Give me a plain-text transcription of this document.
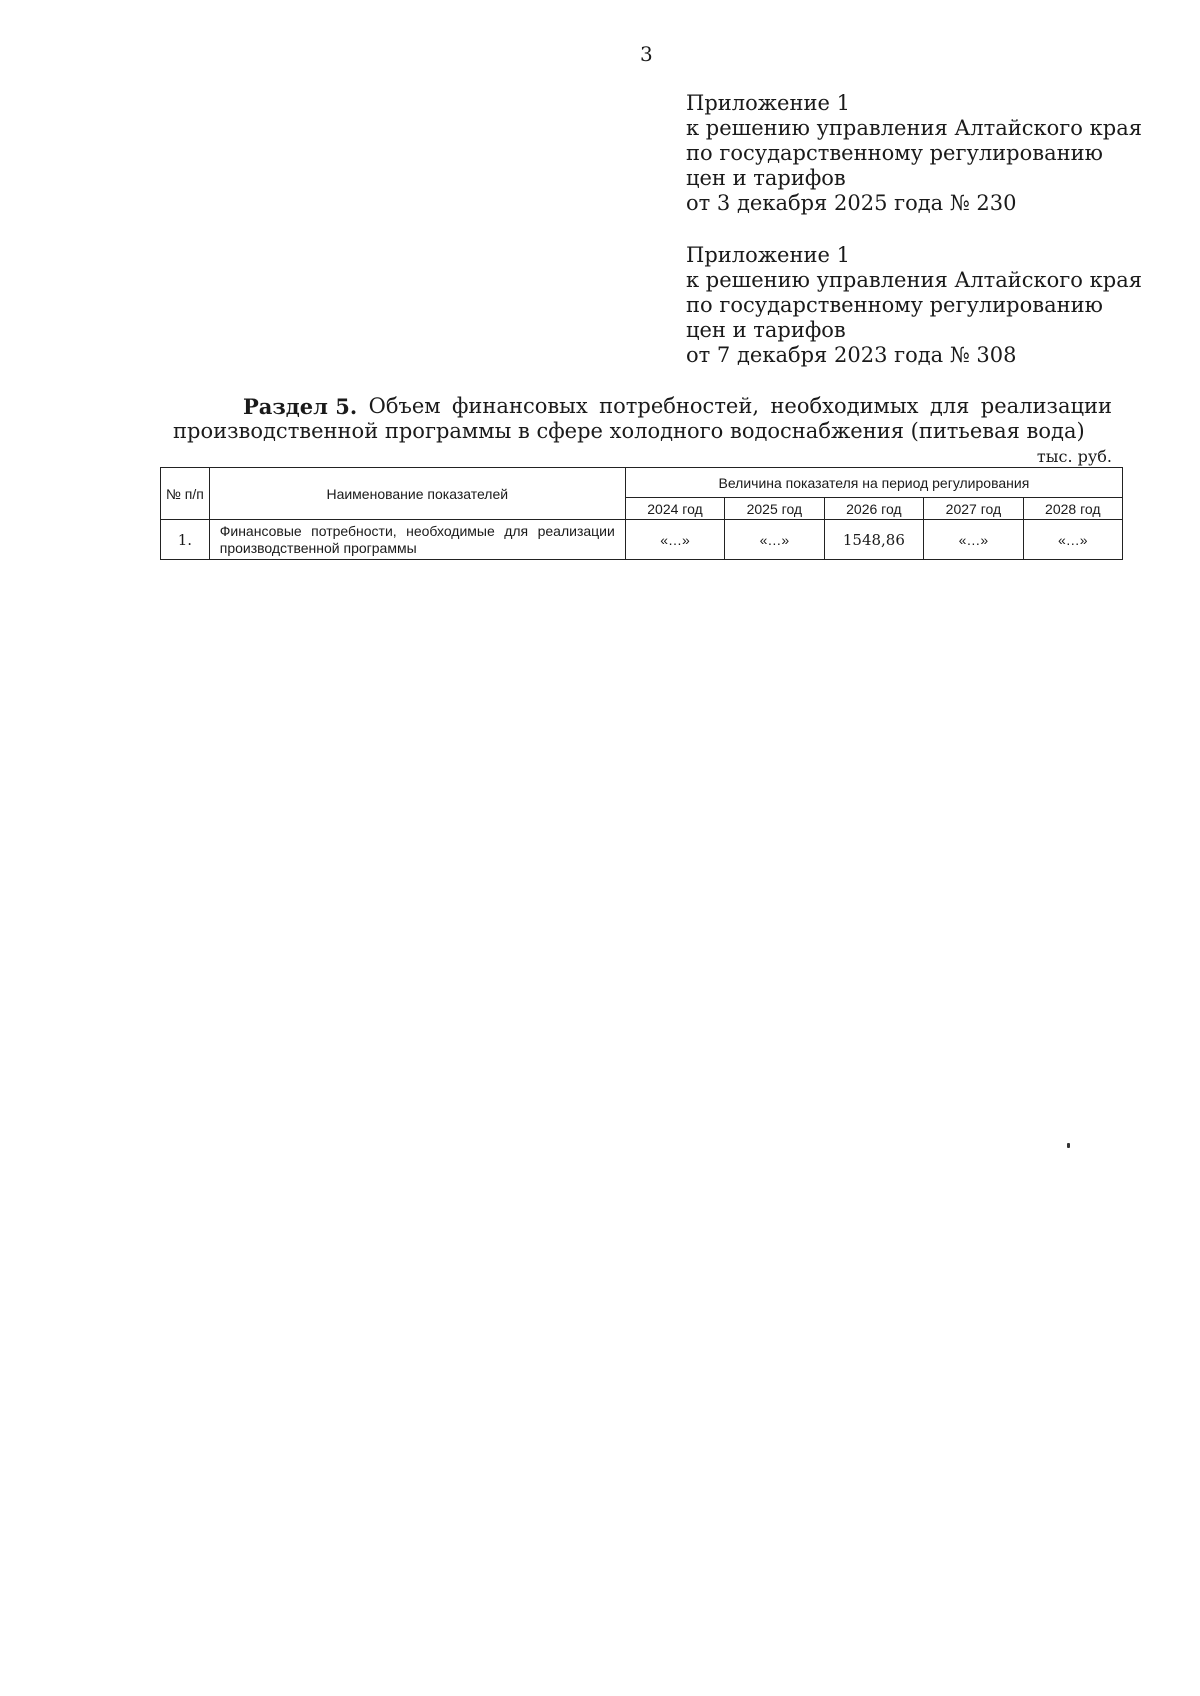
3
Приложение 1
к решению управления Алтайского края
по государственному регулированию
цен и тарифов
от 3 декабря 2025 года № 230
Приложение 1
к решению управления Алтайского края
по государственному регулированию
цен и тарифов
от 7 декабря 2023 года № 308
Раздел 5. Объем финансовых потребностей, необходимых для реализации
производственной программы в сфере холодного водоснабжения (питьевая вода)
тыс. руб.
№ п/п	Наименование показателей	Величина показателя на период регулирования				
		2024 год	2025 год	2026 год	2027 год	2028 год
1.	Финансовые потребности, необходимые для реализации производственной программы	«…»	«…»	1548,86	«…»	«…»
